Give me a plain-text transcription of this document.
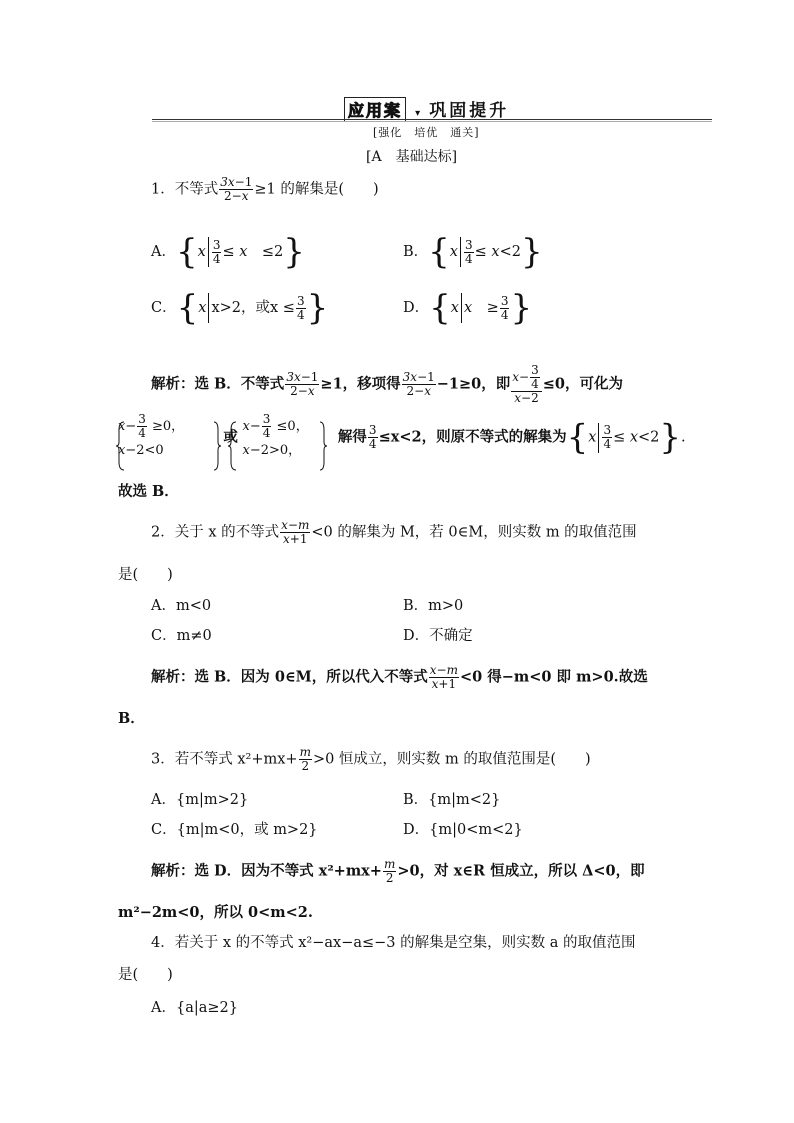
应用案 ▾ 巩固提升
[强化　培优　通关]
[A　基础达标]
1．不等式 $\frac{3x-1}{2-x} \ge 1$ 的解集是(　　)
A．{$x \frac{3}{4} \le x$　≤2}	B．$\{x \frac{3}{4} \le x<2\}$
C．{x x>2，或$x \le \frac{3}{4}$ }	D．{x x　≥ $\frac{3}{4}$ }
解析：选 B．不等式 $\frac{3x-1}{2-x} \ge 1$，移项得 $\frac{3x-1}{2-x} -1\ge 0$，即 $\frac{x- \frac{3}{4}}{x-2} \le 0$，可化为
$x- \frac{3}{4} \ge 0$，
x−2<0  或 $x- \frac{3}{4} \le 0$，
x−2>0，  解得 $\frac{3}{4} \le x<2$，则原不等式的解集为$\{x \frac{3}{4} \le x<2\}$.
故选 B．
2．关于 x 的不等式 $\frac{x-m}{x+1} <0$ 的解集为 M，若 0∈M，则实数 m 的取值范围
是(　　)
A．m<0	B．m>0
C．m≠0	D．不确定
解析：选 B．因为 0∈M，所以代入不等式 $\frac{x-m}{x+1} <0$ 得−m<0 即 m>0.故选
B．
3．若不等式 $x^2+mx+ \frac{m}{2} >0$ 恒成立，则实数 m 的取值范围是(　　)
A．{m|m>2}	B．{m|m<2}
C．{m|m<0，或 m>2}	D．{m|0<m<2}
解析：选 D．因为不等式 $x^2+mx+ \frac{m}{2} >0$，对 x∈R 恒成立，所以 Δ<0，即
m²−2m<0，所以 0<m<2.
4．若关于 x 的不等式 x²−ax−a≤−3 的解集是空集，则实数 a 的取值范围
是(　　)
A．{a|a≥2}
